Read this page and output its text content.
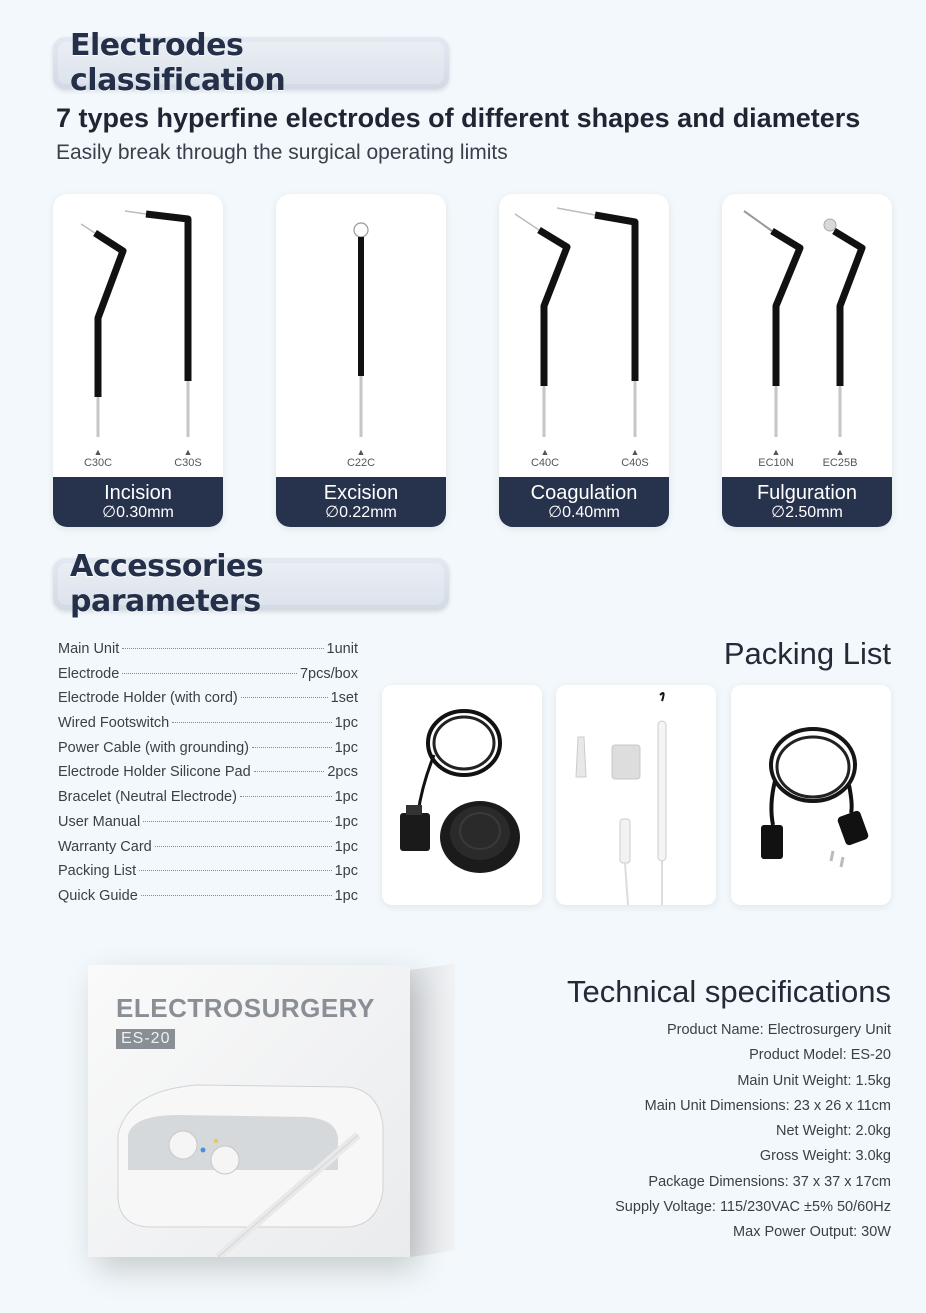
Electrodes classification
7 types hyperfine electrodes of different shapes and diameters
Easily break through the surgical operating limits
▲
C30C
▲
C30S
Incision
∅0.30mm
▲
C22C
Excision
∅0.22mm
▲
C40C
▲
C40S
Coagulation
∅0.40mm
▲
EC10N
▲
EC25B
Fulguration
∅2.50mm
Accessories parameters
Main Unit	1unit
Electrode	7pcs/box
Electrode Holder (with cord)	1set
Wired Footswitch	1pc
Power Cable (with grounding)	1pc
Electrode Holder Silicone Pad	2pcs
Bracelet (Neutral Electrode)	1pc
User Manual	1pc
Warranty Card	1pc
Packing List	1pc
Quick Guide	1pc
Packing List
ELECTROSURGERY
ES-20
Technical specifications
Product Name: Electrosurgery Unit
Product Model: ES-20
Main Unit Weight: 1.5kg
Main Unit Dimensions: 23 x 26 x 11cm
Net Weight: 2.0kg
Gross Weight: 3.0kg
Package Dimensions: 37 x 37 x 17cm
Supply Voltage: 115/230VAC ±5% 50/60Hz
Max Power Output: 30W
